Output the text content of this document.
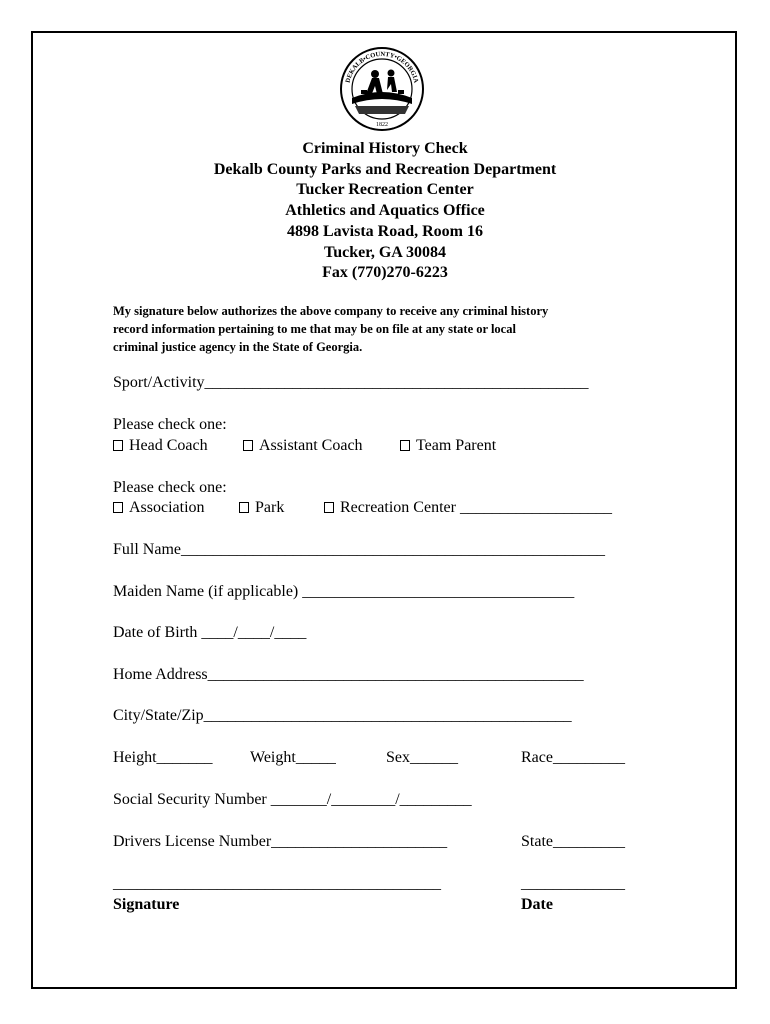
1822
DEKALB•COUNTY•GEORGIA
Criminal History Check
Dekalb County Parks and Recreation Department
Tucker Recreation Center
Athletics and Aquatics Office
4898 Lavista Road, Room 16
Tucker, GA 30084
Fax (770)270-6223
My signature below authorizes the above company to receive any criminal history
record information pertaining to me that may be on file at any state or local
criminal justice agency in the State of Georgia.
Sport/Activity________________________________________________
Please check one:
Head Coach	Assistant Coach	Team Parent
Please check one:
Association	Park	Recreation Center ___________________
Full Name_____________________________________________________
Maiden Name (if applicable) __________________________________
Date of Birth ____/____/____
Home Address_______________________________________________
City/State/Zip______________________________________________
Height_______ Weight_____	Sex______	Race_________
Social Security Number _______/________/_________
Drivers License Number______________________	State_________
_________________________________________	_____________
Signature	Date
